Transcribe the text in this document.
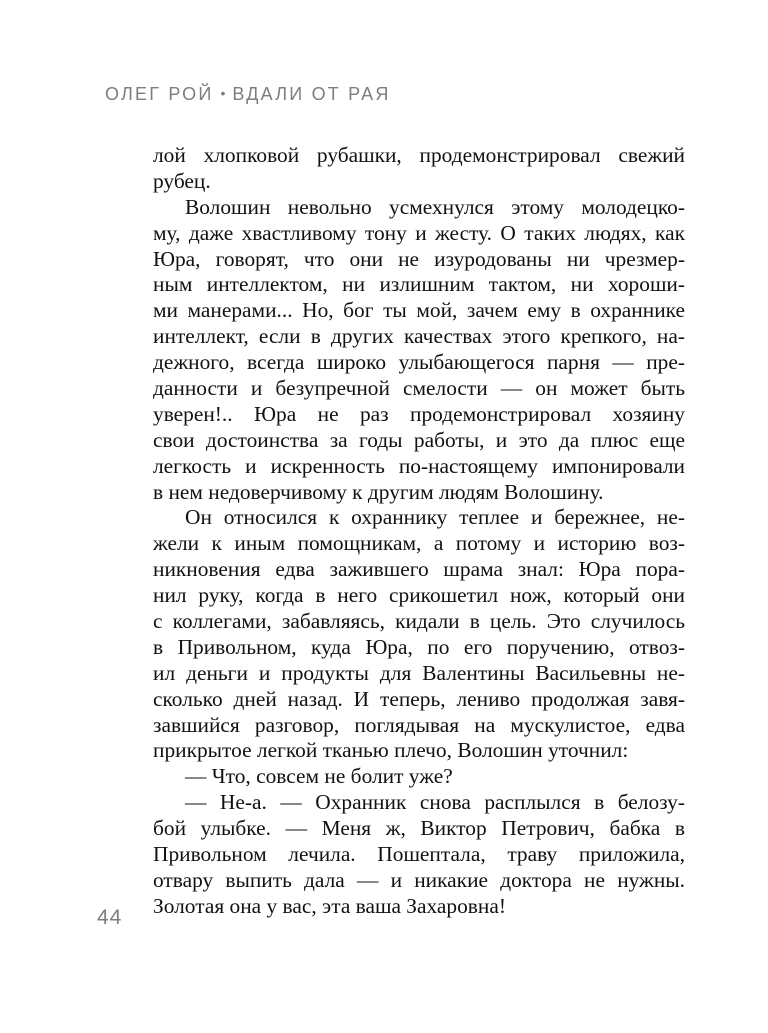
ОЛЕГ РОЙ • ВДАЛИ ОТ РАЯ
лой хлопковой рубашки, продемонстрировал свежий
рубец.
Волошин невольно усмехнулся этому молодецко-
му, даже хвастливому тону и жесту. О таких людях, как
Юра, говорят, что они не изуродованы ни чрезмер-
ным интеллектом, ни излишним тактом, ни хороши-
ми манерами... Но, бог ты мой, зачем ему в охраннике
интеллект, если в других качествах этого крепкого, на-
дежного, всегда широко улыбающегося парня — пре-
данности и безупречной смелости — он может быть
уверен!.. Юра не раз продемонстрировал хозяину
свои достоинства за годы работы, и это да плюс еще
легкость и искренность по-настоящему импонировали
в нем недоверчивому к другим людям Волошину.
Он относился к охраннику теплее и бережнее, не-
жели к иным помощникам, а потому и историю воз-
никновения едва зажившего шрама знал: Юра пора-
нил руку, когда в него срикошетил нож, который они
с коллегами, забавляясь, кидали в цель. Это случилось
в Привольном, куда Юра, по его поручению, отвоз-
ил деньги и продукты для Валентины Васильевны не-
сколько дней назад. И теперь, лениво продолжая завя-
завшийся разговор, поглядывая на мускулистое, едва
прикрытое легкой тканью плечо, Волошин уточнил:
— Что, совсем не болит уже?
— Не-а. — Охранник снова расплылся в белозу-
бой улыбке. — Меня ж, Виктор Петрович, бабка в
Привольном лечила. Пошептала, траву приложила,
отвару выпить дала — и никакие доктора не нужны.
Золотая она у вас, эта ваша Захаровна!
44
